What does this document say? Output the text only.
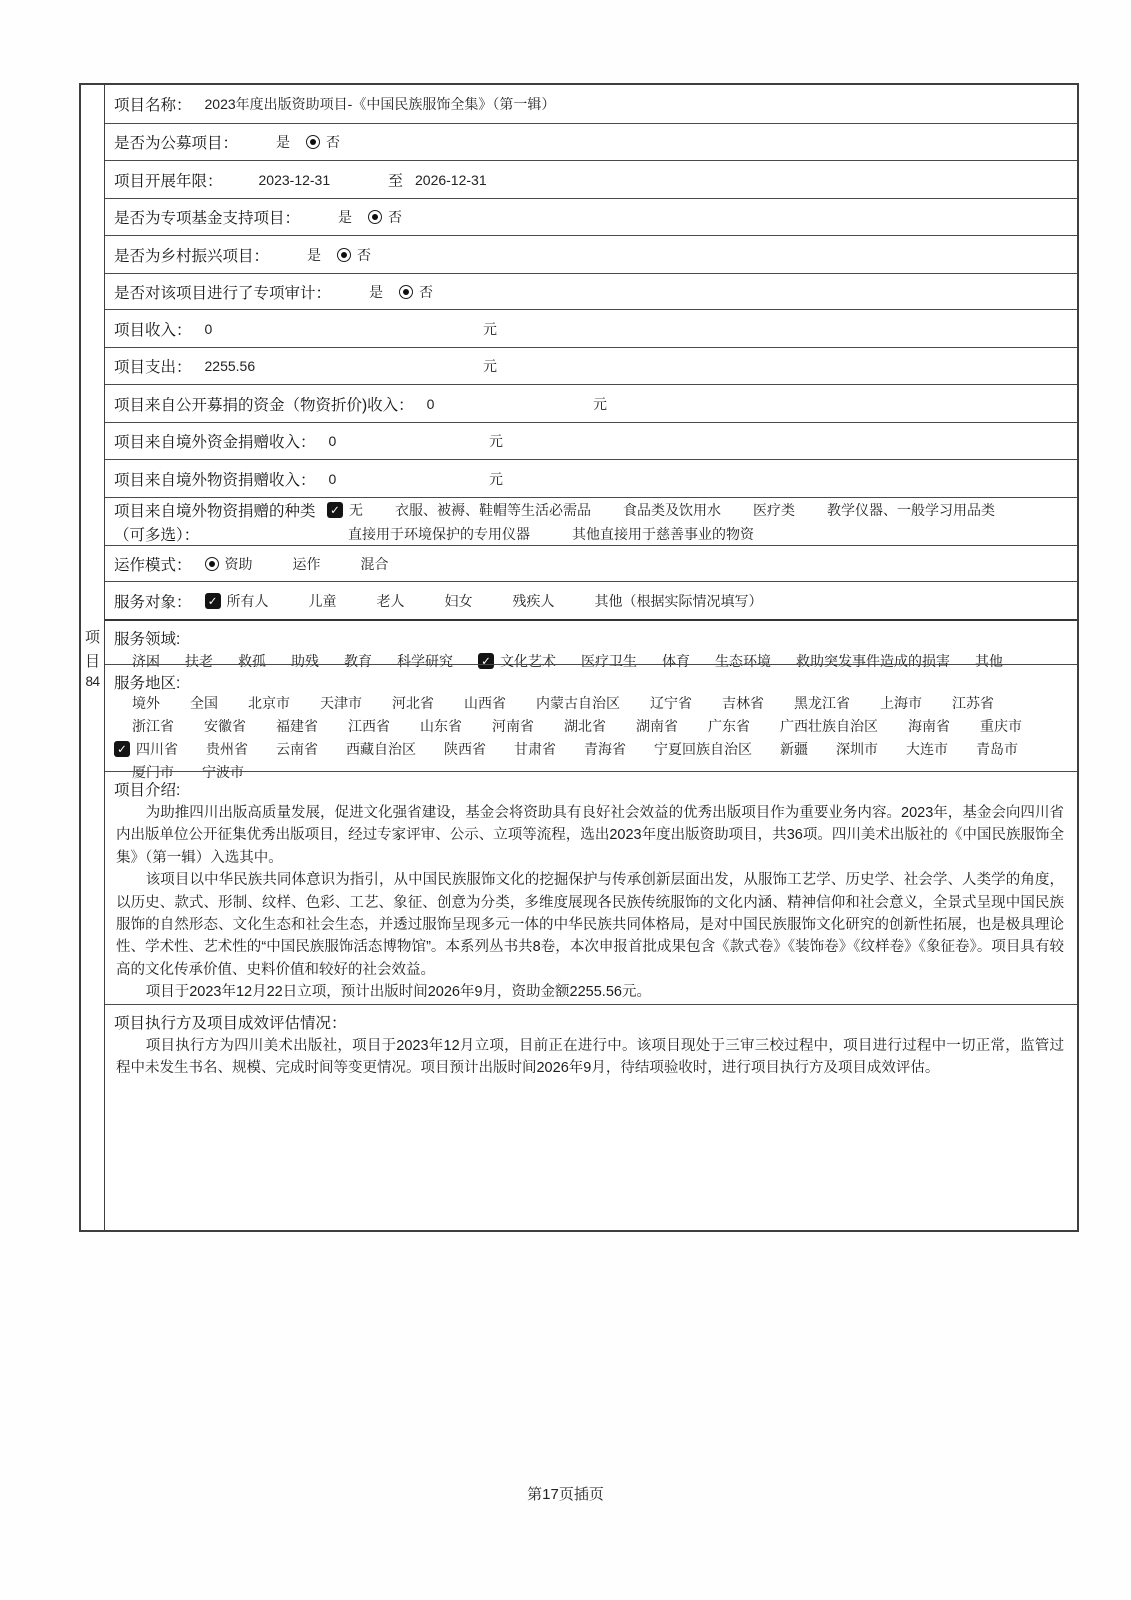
项
目
84
项目名称： 2023年度出版资助项目-《中国民族服饰全集》（第一辑）
是否为公募项目：	是	否
项目开展年限：	2023-12-31	至 2026-12-31
是否为专项基金支持项目：	是	否
是否为乡村振兴项目：	是	否
是否对该项目进行了专项审计：	是	否
项目收入： 0	元
项目支出： 2255.56	元
项目来自公开募捐的资金（物资折价)收入： 0	元
项目来自境外资金捐赠收入： 0	元
项目来自境外物资捐赠收入： 0	元
项目来自境外物资捐赠的种类
（可多选）：
✓ 无 衣服、被褥、鞋帽等生活必需品 食品类及饮用水 医疗类 教学仪器、一般学习用品类
直接用于环境保护的专用仪器	其他直接用于慈善事业的物资
运作模式： 资助	运作	混合
服务对象： ✓ 所有人	儿童	老人	妇女	残疾人	其他（根据实际情况填写）
服务领域:
济困 扶老 救孤 助残 教育 科学研究 ✓ 文化艺术 医疗卫生 体育 生态环境 救助突发事件造成的损害 其他
服务地区:
境外 全国 北京市 天津市 河北省 山西省 内蒙古自治区 辽宁省 吉林省 黑龙江省 上海市 江苏省
浙江省 安徽省 福建省 江西省 山东省 河南省 湖北省 湖南省 广东省 广西壮族自治区 海南省 重庆市
✓ 四川省 贵州省 云南省 西藏自治区 陕西省 甘肃省 青海省 宁夏回族自治区 新疆 深圳市 大连市 青岛市
厦门市 宁波市
项目介绍:

为助推四川出版高质量发展，促进文化强省建设，基金会将资助具有良好社会效益的优秀出版项目作为重要业务内容。2023年，基金会向四川省内出版单位公开征集优秀出版项目，经过专家评审、公示、立项等流程，选出2023年度出版资助项目，共36项。四川美术出版社的《中国民族服饰全集》（第一辑）入选其中。

该项目以中华民族共同体意识为指引，从中国民族服饰文化的挖掘保护与传承创新层面出发，从服饰工艺学、历史学、社会学、人类学的角度，以历史、款式、形制、纹样、色彩、工艺、象征、创意为分类，多维度展现各民族传统服饰的文化内涵、精神信仰和社会意义，全景式呈现中国民族服饰的自然形态、文化生态和社会生态，并透过服饰呈现多元一体的中华民族共同体格局，是对中国民族服饰文化研究的创新性拓展，也是极具理论性、学术性、艺术性的“中国民族服饰活态博物馆”。本系列丛书共8卷，本次申报首批成果包含《款式卷》《装饰卷》《纹样卷》《象征卷》。项目具有较高的文化传承价值、史料价值和较好的社会效益。

项目于2023年12月22日立项，预计出版时间2026年9月，资助金额2255.56元。

项目执行方及项目成效评估情况：

项目执行方为四川美术出版社，项目于2023年12月立项，目前正在进行中。该项目现处于三审三校过程中，项目进行过程中一切正常，监管过程中未发生书名、规模、完成时间等变更情况。项目预计出版时间2026年9月，待结项验收时，进行项目执行方及项目成效评估。

第17页插页
